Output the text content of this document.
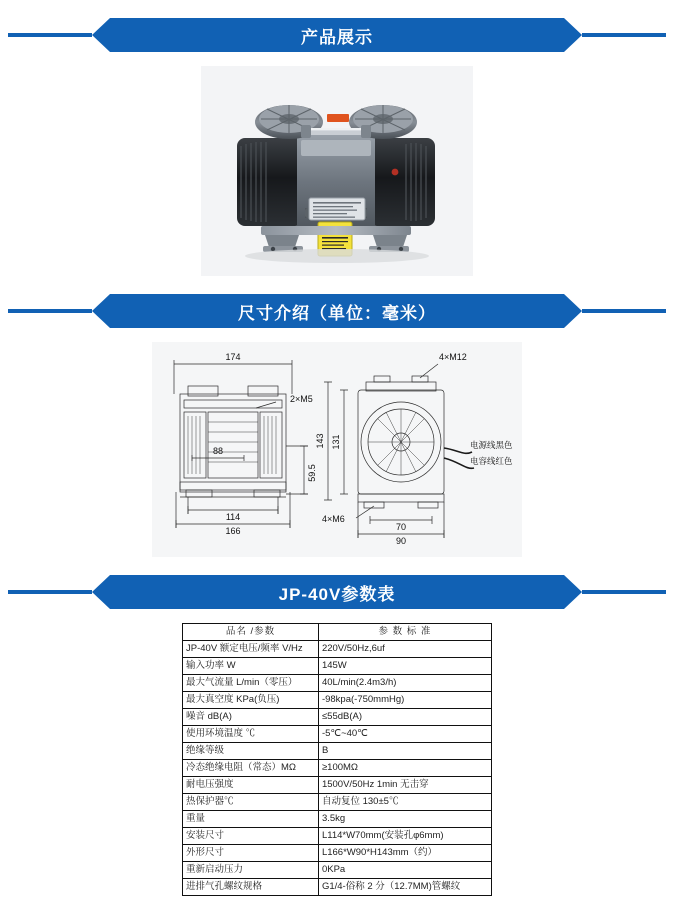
产品展示
尺寸介绍（单位：毫米）
174
88
114
166	70
90
2×M5
4×M12
4×M6
电源线黑色
电容线红色
59.5
143 131
JP-40V参数表
品名 /参数	参 数 标 准
JP-40V 额定电压/频率 V/Hz	220V/50Hz,6uf
输入功率 W	145W
最大气流量 L/min（零压）	40L/min(2.4m3/h)
最大真空度 KPa(负压)	-98kpa(-750mmHg)
噪音 dB(A)	≤55dB(A)
使用环境温度 ℃	-5℃~40℃
绝缘等级	B
冷态绝缘电阻（常态）MΩ	≥100MΩ
耐电压强度	1500V/50Hz 1min 无击穿
热保护器℃	自动复位 130±5℃
重量	3.5kg
安装尺寸	L114*W70mm(安装孔φ6mm)
外形尺寸	L166*W90*H143mm（约）
重新启动压力	0KPa
进排气孔螺纹规格	G1/4-俗称 2 分（12.7MM)管螺纹
